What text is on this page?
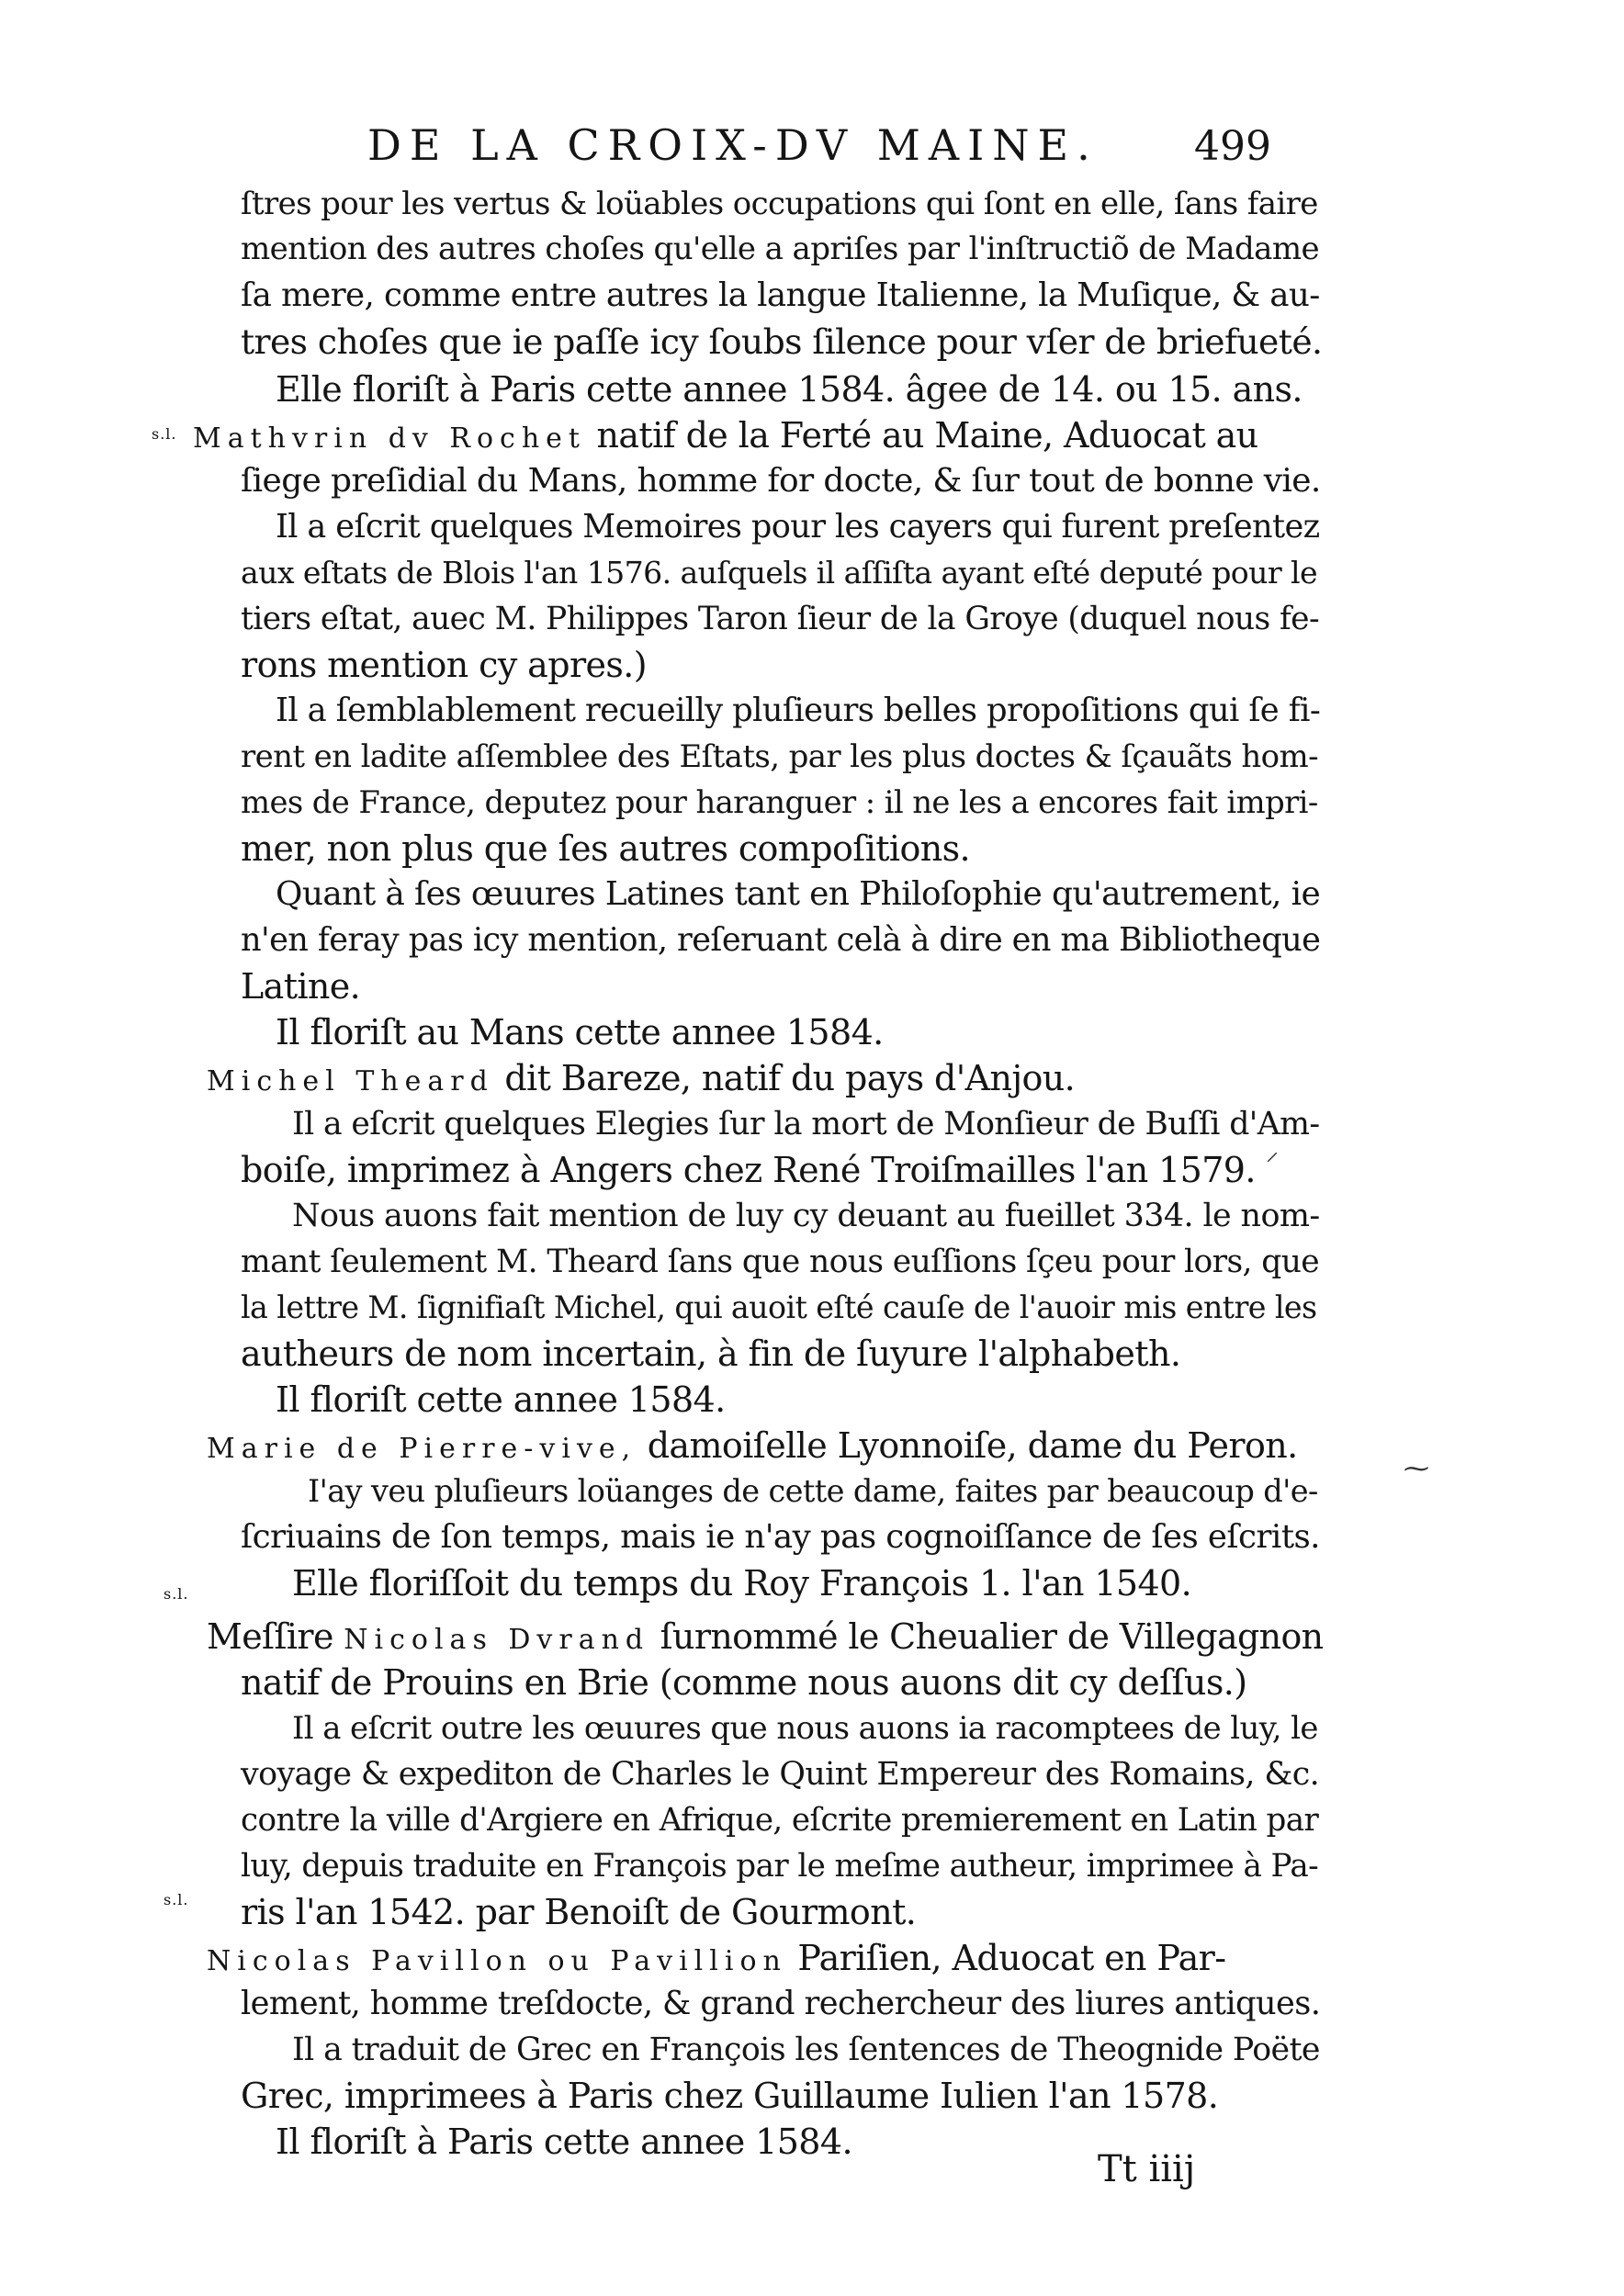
DE LA CROIX-DV MAINE. 499
s.l.
s.l.
s.l.
ſtres pour les vertus & loüables occupations qui ſont en elle, ſans faire
mention des autres choſes qu'elle a apriſes par l'inſtructiõ de Madame
ſa mere, comme entre autres la langue Italienne, la Muſique, & au-
tres choſes que ie paſſe icy ſoubs ſilence pour vſer de briefueté.
Elle floriſt à Paris cette annee 1584. âgee de 14. ou 15. ans.
Mathvrin dv Rochet natif de la Ferté au Maine, Aduocat au
ſiege preſidial du Mans, homme for docte, & ſur tout de bonne vie.
Il a eſcrit quelques Memoires pour les cayers qui furent preſentez
aux eſtats de Blois l'an 1576. auſquels il aſſiſta ayant eſté deputé pour le
tiers eſtat, auec M. Philippes Taron ſieur de la Groye (duquel nous fe-
rons mention cy apres.)
Il a ſemblablement recueilly pluſieurs belles propoſitions qui ſe fi-
rent en ladite aſſemblee des Eſtats, par les plus doctes & ſçauãts hom-
mes de France, deputez pour haranguer : il ne les a encores fait impri-
mer, non plus que ſes autres compoſitions.
Quant à ſes œuures Latines tant en Philoſophie qu'autrement, ie
n'en feray pas icy mention, reſeruant celà à dire en ma Bibliotheque
Latine.
Il floriſt au Mans cette annee 1584.
Michel Theard dit Bareze, natif du pays d'Anjou.
Il a eſcrit quelques Elegies ſur la mort de Monſieur de Buſſi d'Am-
boiſe, imprimez à Angers chez René Troiſmailles l'an 1579.
Nous auons fait mention de luy cy deuant au fueillet 334. le nom-
mant ſeulement M. Theard ſans que nous euſſions ſçeu pour lors, que
la lettre M. ſignifiaſt Michel, qui auoit eſté cauſe de l'auoir mis entre les
autheurs de nom incertain, à fin de ſuyure l'alphabeth.
Il floriſt cette annee 1584.
Marie de Pierre-vive, damoiſelle Lyonnoiſe, dame du Peron.
I'ay veu pluſieurs loüanges de cette dame, faites par beaucoup d'e-
ſcriuains de ſon temps, mais ie n'ay pas cognoiſſance de ſes eſcrits.
Elle floriſſoit du temps du Roy François 1. l'an 1540.
Meſſire Nicolas Dvrand ſurnommé le Cheualier de Villegagnon
natif de Prouins en Brie (comme nous auons dit cy deſſus.)
Il a eſcrit outre les œuures que nous auons ia racomptees de luy, le
voyage & expediton de Charles le Quint Empereur des Romains, &c.
contre la ville d'Argiere en Afrique, eſcrite premierement en Latin par
luy, depuis traduite en François par le meſme autheur, imprimee à Pa-
ris l'an 1542. par Benoiſt de Gourmont.
Nicolas Pavillon ou Pavillion Pariſien, Aduocat en Par-
lement, homme treſdocte, & grand rechercheur des liures antiques.
Il a traduit de Grec en François les ſentences de Theognide Poëte
Grec, imprimees à Paris chez Guillaume Iulien l'an 1578.
Il floriſt à Paris cette annee 1584.
Tt iiij
⸝
⁓
